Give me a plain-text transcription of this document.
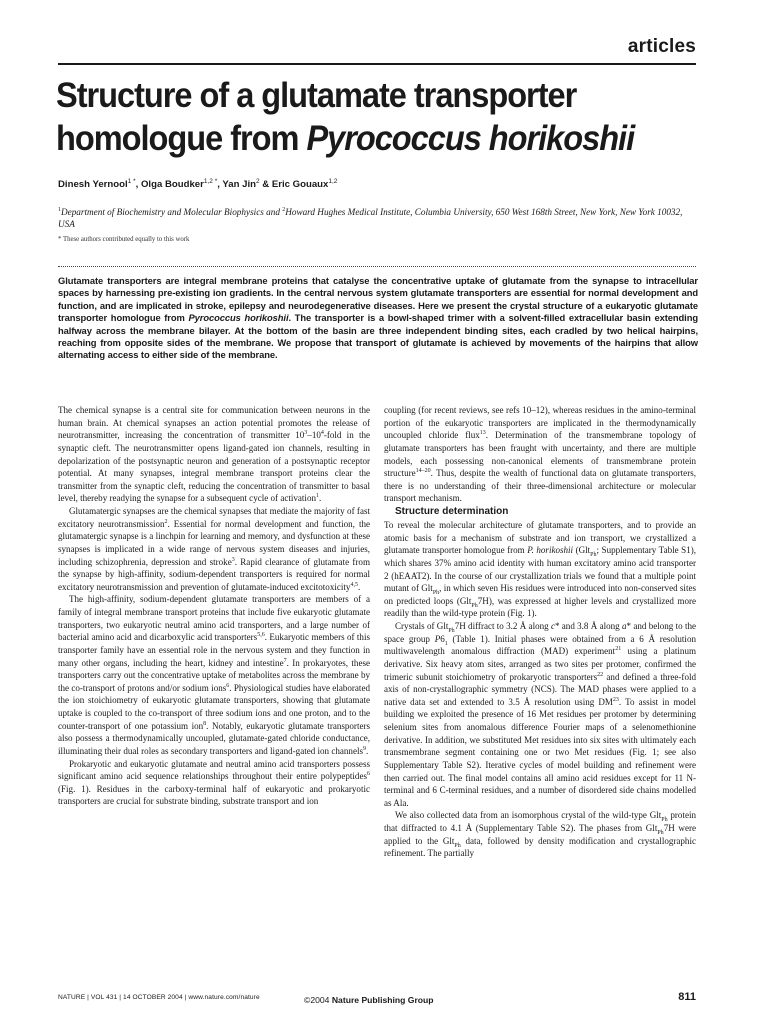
articles
Structure of a glutamate transporter
homologue from Pyrococcus horikoshii
Dinesh Yernool$^{1 *}$, Olga Boudker$^{1,2 *}$, Yan Jin$^2$ & Eric Gouaux$^{1,2}$
$^1$Department of Biochemistry and Molecular Biophysics and $^2$Howard Hughes Medical Institute, Columbia University, 650 West 168th Street, New York, New York 10032, USA
* These authors contributed equally to this work
Glutamate transporters are integral membrane proteins that catalyse the concentrative uptake of glutamate from the synapse to intracellular spaces by harnessing pre-existing ion gradients. In the central nervous system glutamate transporters are essential for normal development and function, and are implicated in stroke, epilepsy and neurodegenerative diseases. Here we present the crystal structure of a eukaryotic glutamate transporter homologue from Pyrococcus horikoshii. The transporter is a bowl-shaped trimer with a solvent-filled extracellular basin extending halfway across the membrane bilayer. At the bottom of the basin are three independent binding sites, each cradled by two helical hairpins, reaching from opposite sides of the membrane. We propose that transport of glutamate is achieved by movements of the hairpins that allow alternating access to either side of the membrane.

The chemical synapse is a central site for communication between neurons in the human brain. At chemical synapses an action potential promotes the release of neurotransmitter, increasing the concentration of transmitter $10^3-10^4$-fold in the synaptic cleft. The neurotransmitter opens ligand-gated ion channels, resulting in depolarization of the postsynaptic neuron and generation of a postsynaptic receptor potential. At many synapses, integral membrane transport proteins clear the transmitter from the synaptic cleft, reducing the concentration of transmitter to basal level, thereby readying the synapse for a subsequent cycle of activation$^1$.

Glutamatergic synapses are the chemical synapses that mediate the majority of fast excitatory neurotransmission$^2$. Essential for normal development and function, the glutamatergic synapse is a linchpin for learning and memory, and dysfunction at these synapses is implicated in a wide range of nervous system diseases and injuries, including schizophrenia, depression and stroke$^3$. Rapid clearance of glutamate from the synapse by high-affinity, sodium-dependent transporters is required for normal excitatory neurotransmission and prevention of glutamate-induced excitotoxicity$^{4,5}$.

The high-affinity, sodium-dependent glutamate transporters are members of a family of integral membrane transport proteins that include five eukaryotic glutamate transporters, two eukaryotic neutral amino acid transporters, and a large number of bacterial amino acid and dicarboxylic acid transporters$^{5,6}$. Eukaryotic members of this transporter family have an essential role in the nervous system and they function in many other organs, including the heart, kidney and intestine$^7$. In prokaryotes, these transporters carry out the concentrative uptake of metabolites across the membrane by the co-transport of protons and/or sodium ions$^6$. Physiological studies have elaborated the ion stoichiometry of eukaryotic glutamate transporters, showing that glutamate uptake is coupled to the co-transport of three sodium ions and one proton, and to the counter-transport of one potassium ion$^8$. Notably, eukaryotic glutamate transporters also possess a thermodynamically uncoupled, glutamate-gated chloride conductance, illuminating their dual roles as secondary transporters and ligand-gated ion channels$^9$.

Prokaryotic and eukaryotic glutamate and neutral amino acid transporters possess significant amino acid sequence relationships throughout their entire polypeptides$^6$ (Fig. 1). Residues in the carboxy-terminal half of eukaryotic and prokaryotic transporters are crucial for substrate binding, substrate transport and ion

coupling (for recent reviews, see refs 10–12), whereas residues in the amino-terminal portion of the eukaryotic transporters are implicated in the thermodynamically uncoupled chloride flux$^{13}$. Determination of the transmembrane topology of glutamate transporters has been fraught with uncertainty, and there are multiple models, each possessing non-canonical elements of transmembrane protein structure$^{14-20}$. Thus, despite the wealth of functional data on glutamate transporters, there is no understanding of their three-dimensional architecture or molecular transport mechanism.

Structure determination

To reveal the molecular architecture of glutamate transporters, and to provide an atomic basis for a mechanism of substrate and ion transport, we crystallized a glutamate transporter homologue from P. horikoshii (Glt$_{Ph}$; Supplementary Table S1), which shares 37% amino acid identity with human excitatory amino acid transporter 2 (hEAAT2). In the course of our crystallization trials we found that a multiple point mutant of Glt$_{Ph}$, in which seven His residues were introduced into non-conserved sites on predicted loops (Glt$_{Ph}$7H), was expressed at higher levels and crystallized more readily than the wild-type protein (Fig. 1).

Crystals of Glt$_{Ph}$7H diffract to 3.2 Å along c* and 3.8 Å along a* and belong to the space group $P6_1$ (Table 1). Initial phases were obtained from a 6 Å resolution multiwavelength anomalous diffraction (MAD) experiment$^{21}$ using a platinum derivative. Six heavy atom sites, arranged as two sites per protomer, confirmed the trimeric subunit stoichiometry of prokaryotic transporters$^{22}$ and defined a three-fold axis of non-crystallographic symmetry (NCS). The MAD phases were applied to a native data set and extended to 3.5 Å resolution using DM$^{23}$. To assist in model building we exploited the presence of 16 Met residues per protomer by determining selenium sites from anomalous difference Fourier maps of a selenomethionine derivative. In addition, we substituted Met residues into six sites with ultimately each transmembrane segment containing one or two Met residues (Fig. 1; see also Supplementary Table S2). Iterative cycles of model building and refinement were then carried out. The final model contains all amino acid residues except for 11 N-terminal and 6 C-terminal residues, and a number of disordered side chains modelled as Ala.

We also collected data from an isomorphous crystal of the wild-type Glt$_{Ph}$ protein that diffracted to 4.1 Å (Supplementary Table S2). The phases from Glt$_{Ph}$7H were applied to the Glt$_{Ph}$ data, followed by density modification and crystallographic refinement. The partially

NATURE | VOL 431 | 14 OCTOBER 2004 | www.nature.com/nature	©2004 Nature Publishing Group	811
